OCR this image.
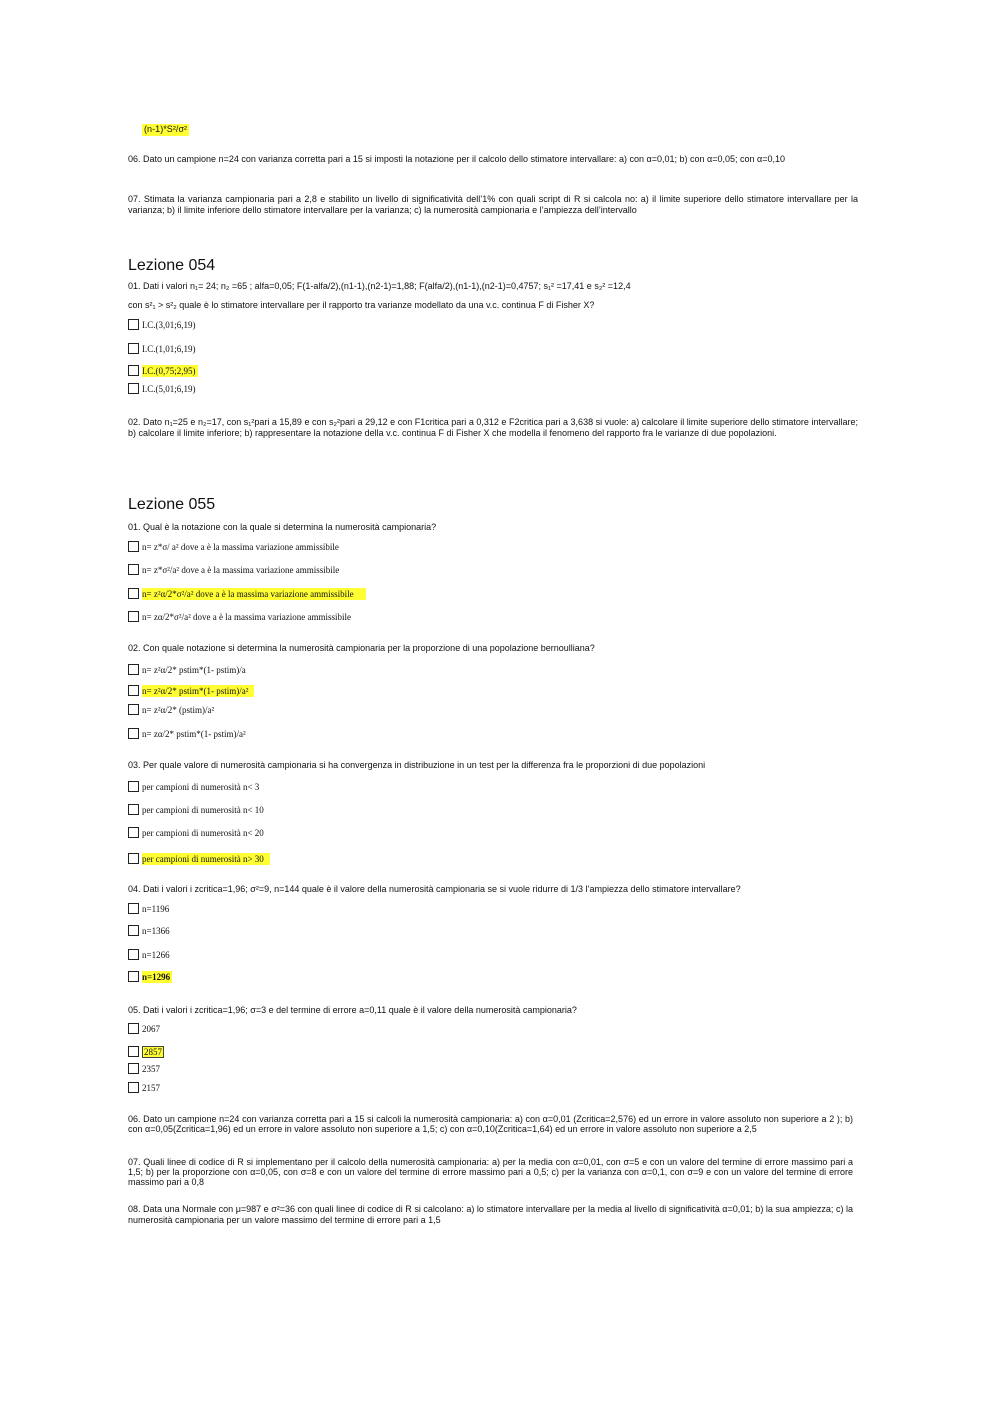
(n-1)*S²/σ²
06. Dato un campione n=24 con varianza corretta pari a 15 si imposti la notazione per il calcolo dello stimatore intervallare: a) con α=0,01; b) con α=0,05; con α=0,10
07. Stimata la varianza campionaria pari a 2,8 e stabilito un livello di significatività dell’1% con quali script di R si calcola no: a) il limite superiore dello stimatore intervallare per la varianza; b) il limite inferiore dello stimatore intervallare per la varianza; c) la numerosità campionaria e l’ampiezza dell’intervallo
Lezione 054
01. Dati i valori n₁= 24; n₂ =65 ; alfa=0,05; F(1-alfa/2),(n1-1),(n2-1)=1,88; F(alfa/2),(n1-1),(n2-1)=0,4757; s₁² =17,41 e s₂² =12,4
con s²₁ > s²₂ quale è lo stimatore intervallare per il rapporto tra varianze modellato da una v.c. continua F di Fisher X?
I.C.(3,01;6,19)
I.C.(1,01;6,19)
I.C.(0,75;2,95)
I.C.(5,01;6,19)
02. Dato n₁=25 e n₂=17, con s₁²pari a 15,89 e con s₂²pari a 29,12 e con F1critica pari a 0,312 e F2critica pari a 3,638 si vuole: a) calcolare il limite superiore dello stimatore intervallare; b) calcolare il limite inferiore; b) rappresentare la notazione della v.c. continua F di Fisher X che modella il fenomeno del rapporto fra le varianze di due popolazioni.
Lezione 055
01. Qual è la notazione con la quale si determina la numerosità campionaria?
n= z*σ/ a² dove a è la massima variazione ammissibile
n= z*σ²/a² dove a è la massima variazione ammissibile
n= z²α/2*σ²/a² dove a è la massima variazione ammissibile
n= zα/2*σ²/a² dove a è la massima variazione ammissibile
02. Con quale notazione si determina la numerosità campionaria per la proporzione di una popolazione bernoulliana?
n= z²α/2* pstim*(1- pstim)/a
n= z²α/2* pstim*(1- pstim)/a²
n= z²α/2* (pstim)/a²
n= zα/2* pstim*(1- pstim)/a²
03. Per quale valore di numerosità campionaria si ha convergenza in distribuzione in un test per la differenza fra le proporzioni di due popolazioni
per campioni di numerosità n< 3
per campioni di numerosità n< 10
per campioni di numerosità n< 20
per campioni di numerosità n> 30
04. Dati i valori i zcritica=1,96; σ²=9, n=144 quale è il valore della numerosità campionaria se si vuole ridurre di 1/3 l’ampiezza dello stimatore intervallare?
n=1196
n=1366
n=1266
n=1296
05. Dati i valori i zcritica=1,96; σ=3 e del termine di errore a=0,11 quale è il valore della numerosità campionaria?
2067
2857
2357
2157
06. Dato un campione n=24 con varianza corretta pari a 15 si calcoli la numerosità campionaria: a) con α=0,01 (Zcritica=2,576) ed un errore in valore assoluto non superiore a 2 ); b) con α=0,05(Zcritica=1,96) ed un errore in valore assoluto non superiore a 1,5; c) con α=0,10(Zcritica=1,64) ed un errore in valore assoluto non superiore a 2,5
07. Quali linee di codice di R si implementano per il calcolo della numerosità campionaria: a) per la media con α=0,01, con σ=5 e con un valore del termine di errore massimo pari a 1,5; b) per la proporzione con α=0,05, con σ=8 e con un valore del termine di errore massimo pari a 0,5; c) per la varianza con α=0,1, con σ=9 e con un valore del termine di errore massimo pari a 0,8
08. Data una Normale con μ=987 e σ²=36 con quali linee di codice di R si calcolano: a) lo stimatore intervallare per la media al livello di significatività α=0,01; b) la sua ampiezza; c) la numerosità campionaria per un valore massimo del termine di errore pari a 1,5
